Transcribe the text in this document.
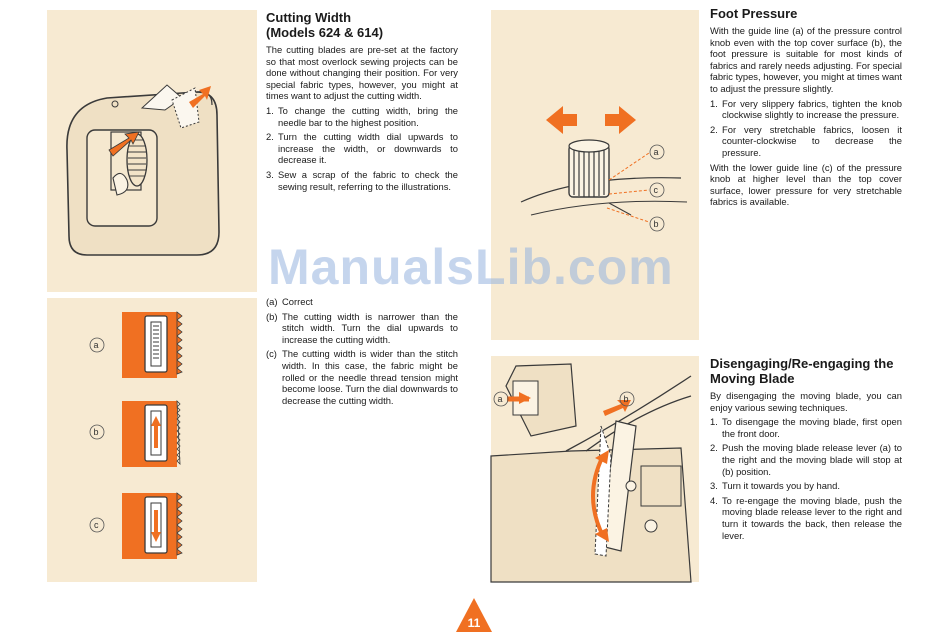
a
b
c
Cutting Width
(Models 624 & 614)

The cutting blades are pre-set at the factory so that most overlock sewing projects can be done without changing their position. For very special fabric types, however, you might at times want to adjust the cutting width.

1. To change the cutting width, bring the needle bar to the highest position.
2. Turn the cutting width dial upwards to increase the width, or downwards to decrease it.
3. Sew a scrap of the fabric to check the sewing result, referring to the illustrations.
(a) Correct
(b) The cutting width is narrower than the stitch width. Turn the dial upwards to increase the cutting width.
(c) The cutting width is wider than the stitch width. In this case, the fabric might be rolled or the needle thread tension might become loose. Turn the dial downwards to decrease the cutting width.
a
c
b
Foot Pressure

With the guide line (a) of the pressure control knob even with the top cover surface (b), the foot pressure is suitable for most kinds of fabrics and rarely needs adjusting. For special fabric types, however, you might at times want to adjust the pressure slightly.

1. For very slippery fabrics, tighten the knob clockwise slightly to increase the pressure.
2. For very stretchable fabrics, loosen it counter-clockwise to decrease the pressure.

With the lower guide line (c) of the pressure knob at higher level than the top cover surface, lower pressure for very stretchable fabrics is available.

a	b
Disengaging/Re-engaging the
Moving Blade

By disengaging the moving blade, you can enjoy various sewing techniques.

1. To disengage the moving blade, first open the front door.
2. Push the moving blade release lever (a) to the right and the moving blade will stop at (b) position.
3. Turn it towards you by hand.
4. To re-engage the moving blade, push the moving blade release lever to the right and turn it towards the back, then release the lever.
ManualsLib.com
11
